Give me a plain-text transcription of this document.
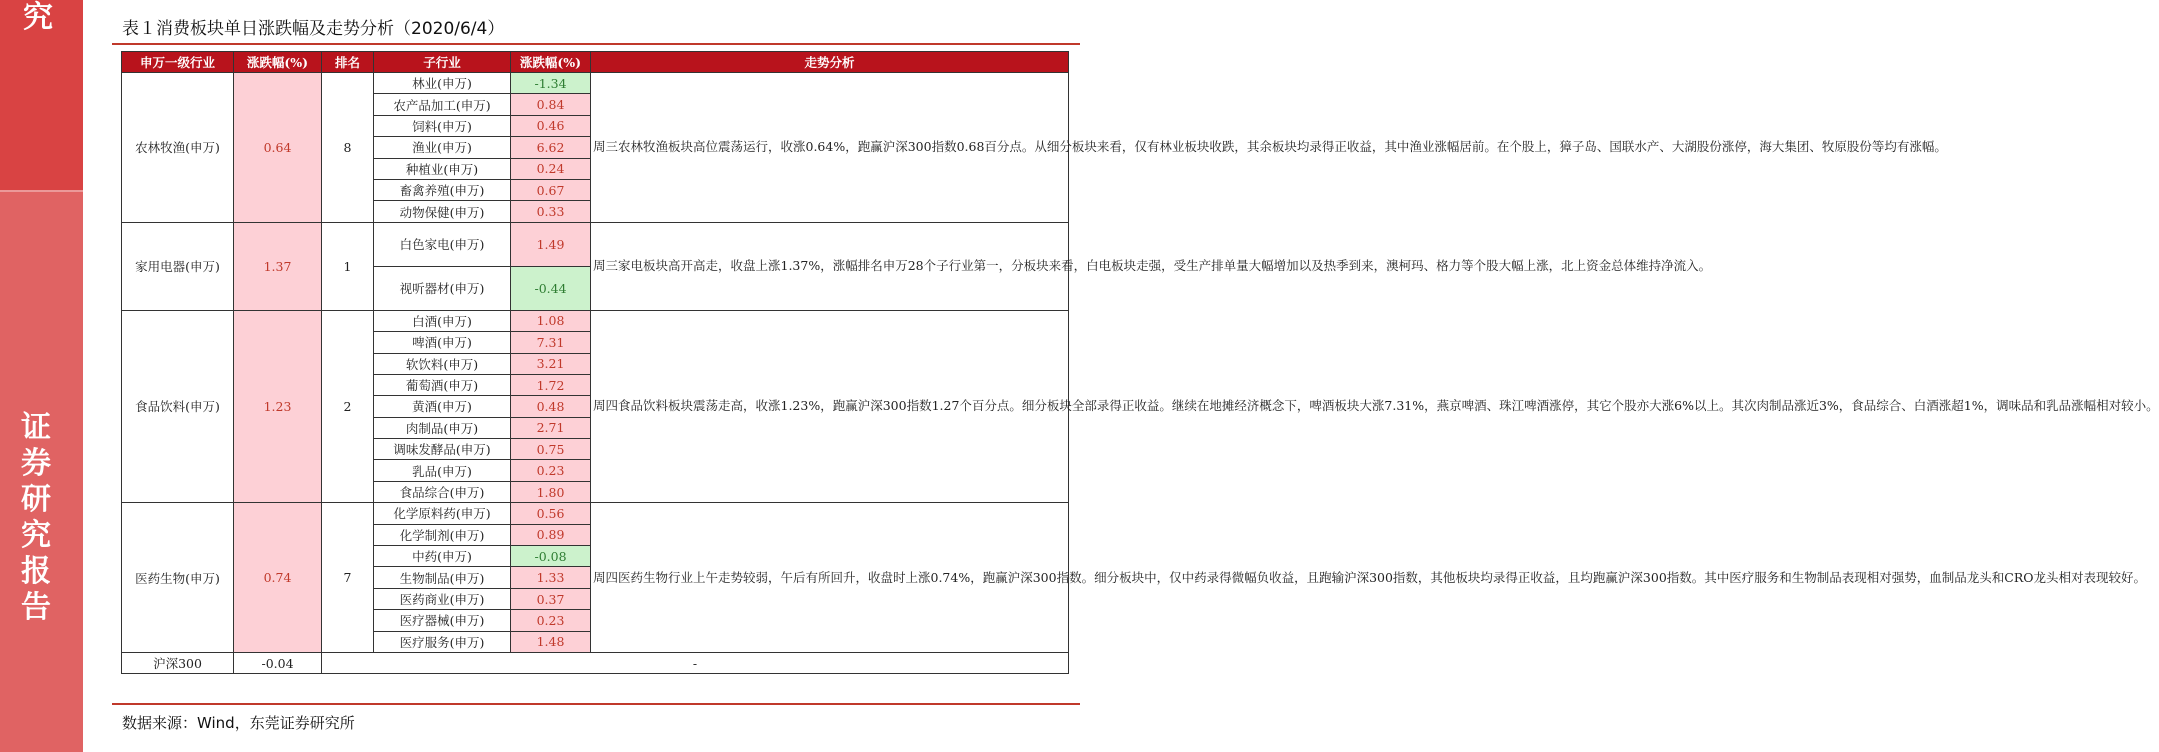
究
证券研究报告
表１消费板块单日涨跌幅及走势分析（2020/6/4）
申万一级行业	涨跌幅(%)	排名	子行业	涨跌幅(%)	走势分析
农林牧渔(申万)	0.64	8	林业(申万)	-1.34	周三农林牧渔板块高位震荡运行，收涨0.64%，跑赢沪深300指数0.68百分点。从细分板块来看，仅有林业板块收跌，其余板块均录得正收益，其中渔业涨幅居前。在个股上，獐子岛、国联水产、大湖股份涨停，海大集团、牧原股份等均有涨幅。
			农产品加工(申万)	0.84	
			饲料(申万)	0.46	
			渔业(申万)	6.62	
			种植业(申万)	0.24	
			畜禽养殖(申万)	0.67	
			动物保健(申万)	0.33	
家用电器(申万)	1.37	1	白色家电(申万)	1.49	周三家电板块高开高走，收盘上涨1.37%，涨幅排名申万28个子行业第一，分板块来看，白电板块走强，受生产排单量大幅增加以及热季到来，澳柯玛、格力等个股大幅上涨，北上资金总体维持净流入。
			视听器材(申万)	-0.44	
食品饮料(申万)	1.23	2	白酒(申万)	1.08	周四食品饮料板块震荡走高，收涨1.23%，跑赢沪深300指数1.27个百分点。细分板块全部录得正收益。继续在地摊经济概念下，啤酒板块大涨7.31%，燕京啤酒、珠江啤酒涨停，其它个股亦大涨6%以上。其次肉制品涨近3%，食品综合、白酒涨超1%，调味品和乳品涨幅相对较小。
			啤酒(申万)	7.31	
			软饮料(申万)	3.21	
			葡萄酒(申万)	1.72	
			黄酒(申万)	0.48	
			肉制品(申万)	2.71	
			调味发酵品(申万)	0.75	
			乳品(申万)	0.23	
			食品综合(申万)	1.80	
医药生物(申万)	0.74	7	化学原料药(申万)	0.56	周四医药生物行业上午走势较弱，午后有所回升，收盘时上涨0.74%，跑赢沪深300指数。细分板块中，仅中药录得微幅负收益，且跑输沪深300指数，其他板块均录得正收益，且均跑赢沪深300指数。其中医疗服务和生物制品表现相对强势，血制品龙头和CRO龙头相对表现较好。
			化学制剂(申万)	0.89	
			中药(申万)	-0.08	
			生物制品(申万)	1.33	
			医药商业(申万)	0.37	
			医疗器械(申万)	0.23	
			医疗服务(申万)	1.48	
沪深300	-0.04	-			
数据来源：Wind，东莞证券研究所
